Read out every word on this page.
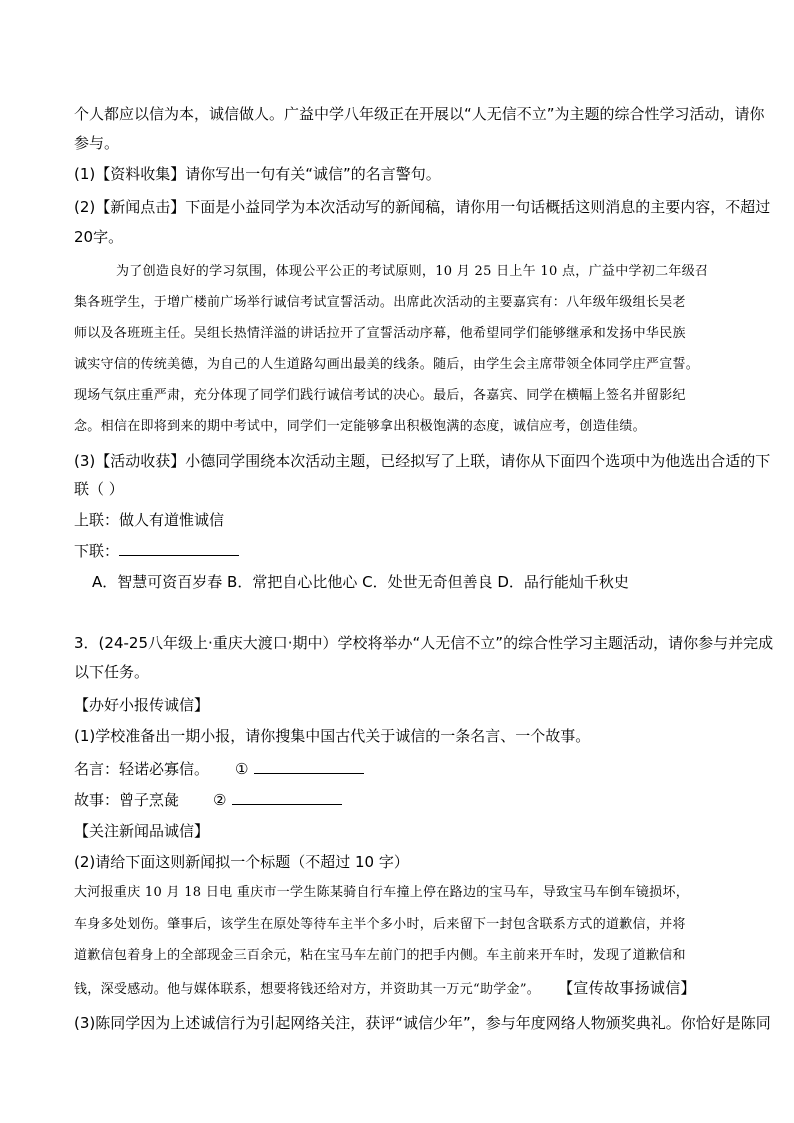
个人都应以信为本，诚信做人。广益中学八年级正在开展以“人无信不立”为主题的综合性学习活动，请你
参与。
(1)【资料收集】请你写出一句有关“诚信”的名言警句。
(2)【新闻点击】下面是小益同学为本次活动写的新闻稿，请你用一句话概括这则消息的主要内容，不超过
20字。
为了创造良好的学习氛围，体现公平公正的考试原则，10 月 25 日上午 10 点，广益中学初二年级召
集各班学生，于增广楼前广场举行诚信考试宣誓活动。出席此次活动的主要嘉宾有：八年级年级组长吴老
师以及各班班主任。吴组长热情洋溢的讲话拉开了宣誓活动序幕，他希望同学们能够继承和发扬中华民族
诚实守信的传统美德，为自己的人生道路勾画出最美的线条。随后，由学生会主席带领全体同学庄严宣誓。
现场气氛庄重严肃，充分体现了同学们践行诚信考试的决心。最后，各嘉宾、同学在横幅上签名并留影纪
念。相信在即将到来的期中考试中，同学们一定能够拿出积极饱满的态度，诚信应考，创造佳绩。
(3)【活动收获】小德同学围绕本次活动主题，已经拟写了上联，请你从下面四个选项中为他选出合适的下
联（ ）
上联：做人有道惟诚信
下联：
A．智慧可资百岁春 B．常把自心比他心 C．处世无奇但善良 D．品行能灿千秋史
3．(24-25八年级上·重庆大渡口·期中）学校将举办“人无信不立”的综合性学习主题活动，请你参与并完成
以下任务。
【办好小报传诚信】
(1)学校准备出一期小报，请你搜集中国古代关于诚信的一条名言、一个故事。
名言：轻诺必寡信。 ①
故事：曾子烹彘 ②
【关注新闻品诚信】
(2)请给下面这则新闻拟一个标题（不超过 10 字）
大河报重庆 10 月 18 日电 重庆市一学生陈某骑自行车撞上停在路边的宝马车，导致宝马车倒车镜损坏，
车身多处划伤。肇事后，该学生在原处等待车主半个多小时，后来留下一封包含联系方式的道歉信，并将
道歉信包着身上的全部现金三百余元，粘在宝马车左前门的把手内侧。车主前来开车时，发现了道歉信和
钱，深受感动。他与媒体联系，想要将钱还给对方，并资助其一万元“助学金”。 【宣传故事扬诚信】
(3)陈同学因为上述诚信行为引起网络关注，获评“诚信少年”，参与年度网络人物颁奖典礼。你恰好是陈同
